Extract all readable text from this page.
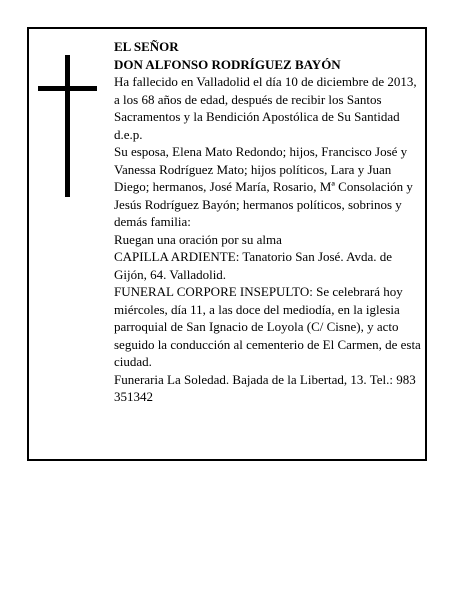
EL SEÑOR

DON ALFONSO RODRÍGUEZ BAYÓN

Ha fallecido en Valladolid el día 10 de diciembre de 2013, a los 68 años de edad, después de recibir los Santos Sacramentos y la Bendición Apostólica de Su Santidad

d.e.p.

Su esposa, Elena Mato Redondo; hijos, Francisco José y Vanessa Rodríguez Mato; hijos políticos, Lara y Juan Diego; hermanos, José María, Rosario, Mª Consolación y Jesús Rodríguez Bayón; hermanos políticos, sobrinos y demás familia:

Ruegan una oración por su alma

CAPILLA ARDIENTE: Tanatorio San José. Avda. de Gijón, 64. Valladolid.

FUNERAL CORPORE INSEPULTO: Se celebrará hoy miércoles, día 11, a las doce del mediodía, en la iglesia parroquial de San Ignacio de Loyola (C/ Cisne), y acto seguido la conducción al cementerio de El Carmen, de esta ciudad.

Funeraria La Soledad. Bajada de la Libertad, 13. Tel.: 983 351342
